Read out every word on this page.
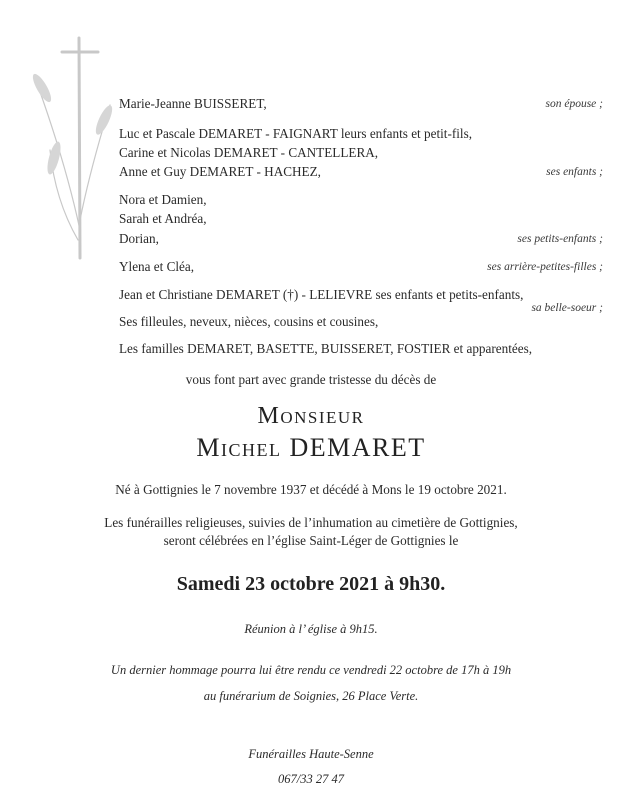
Marie-Jeanne BUISSERET,	son épouse ;
Luc et Pascale DEMARET - FAIGNART leurs enfants et petit-fils,
Carine et Nicolas DEMARET - CANTELLERA,
Anne et Guy DEMARET - HACHEZ,	ses enfants ;
Nora et Damien,
Sarah et Andréa,
Dorian,	ses petits-enfants ;
Ylena et Cléa,	ses arrière-petites-filles ;
Jean et Christiane DEMARET (†) - LELIEVRE ses enfants et petits-enfants,
sa belle-soeur ;
Ses filleules, neveux, nièces, cousins et cousines,
Les familles DEMARET, BASETTE, BUISSERET, FOSTIER et apparentées,
vous font part avec grande tristesse du décès de
Monsieur
Michel DEMARET
Né à Gottignies le 7 novembre 1937 et décédé à Mons le 19 octobre 2021.
Les funérailles religieuses, suivies de l’inhumation au cimetière de Gottignies,
seront célébrées en l’église Saint-Léger de Gottignies le
Samedi 23 octobre 2021 à 9h30.
Réunion à l’ église à 9h15.
Un dernier hommage pourra lui être rendu ce vendredi 22 octobre de 17h à 19h
au funérarium de Soignies, 26 Place Verte.
Funérailles Haute-Senne
067/33 27 47
